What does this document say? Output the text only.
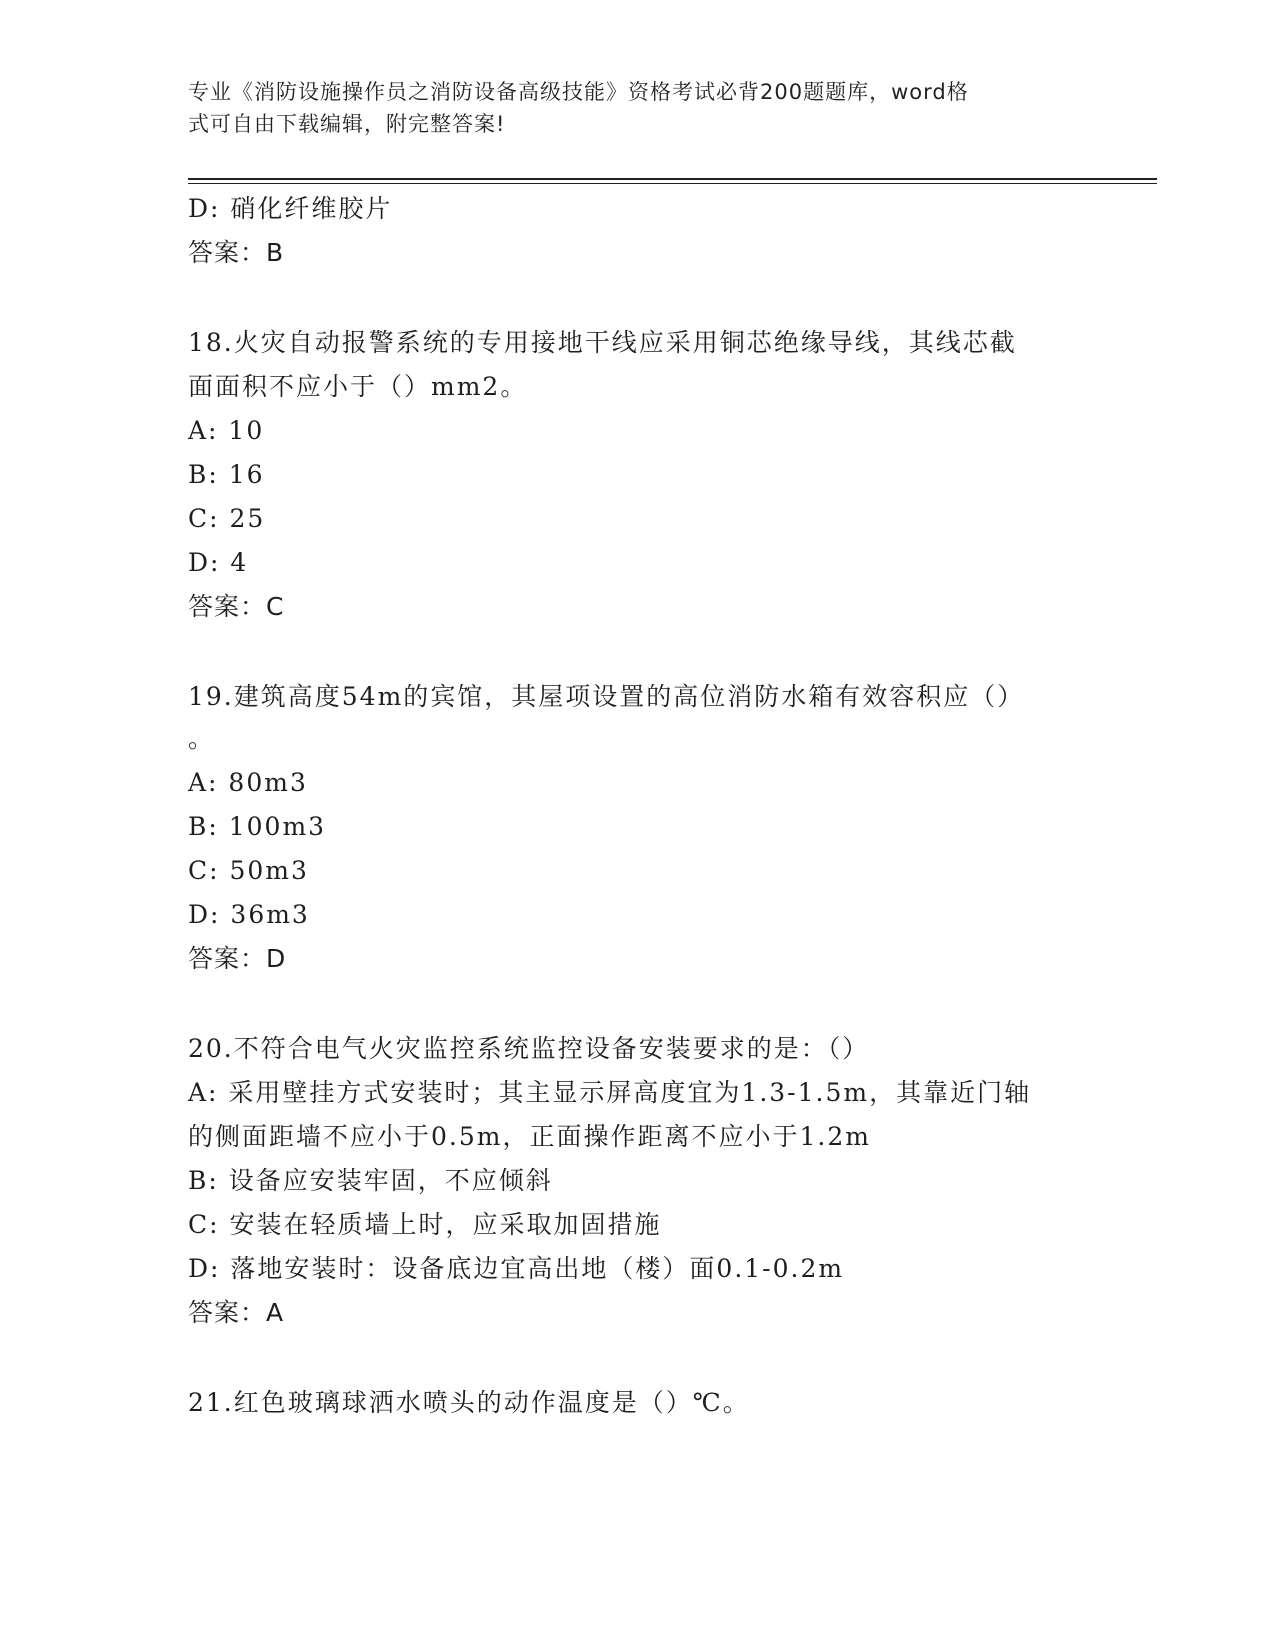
专业《消防设施操作员之消防设备高级技能》资格考试必背200题题库，word格
式可自由下载编辑，附完整答案!
D: 硝化纤维胶片
答案：B
18.火灾自动报警系统的专用接地干线应采用铜芯绝缘导线，其线芯截
面面积不应小于（）mm2。
A: 10
B: 16
C: 25
D: 4
答案：C
19.建筑高度54m的宾馆，其屋项设置的高位消防水箱有效容积应（）
。
A: 80m3
B: 100m3
C: 50m3
D: 36m3
答案：D
20.不符合电气火灾监控系统监控设备安装要求的是：（）
A: 采用壁挂方式安装时；其主显示屏高度宜为1.3-1.5m，其靠近门轴
的侧面距墙不应小于0.5m，正面操作距离不应小于1.2m
B: 设备应安装牢固，不应倾斜
C: 安装在轻质墙上时，应采取加固措施
D: 落地安装时：设备底边宜高出地（楼）面0.1-0.2m
答案：A
21.红色玻璃球洒水喷头的动作温度是（）℃。
